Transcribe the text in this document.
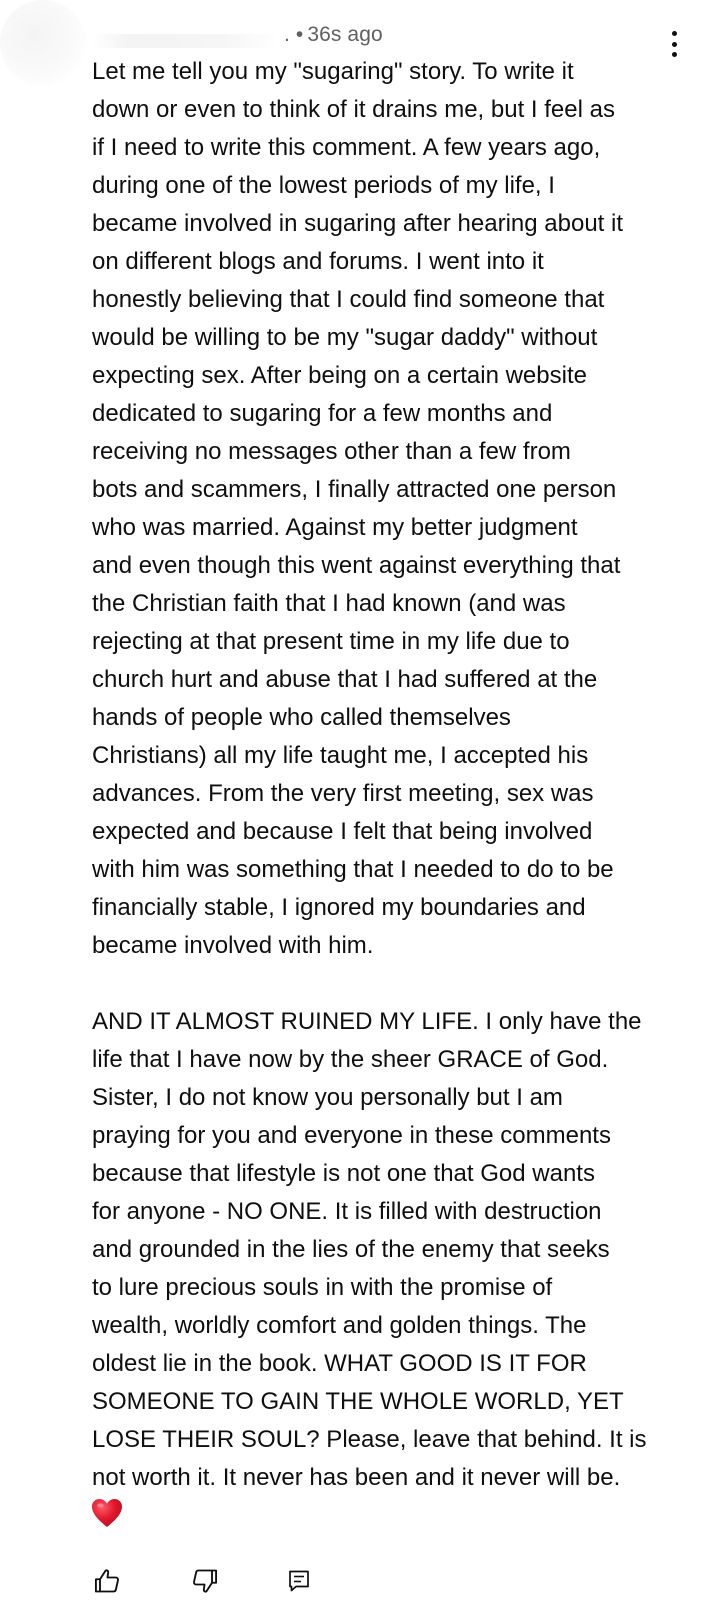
. • 36s ago

Let me tell you my "sugaring" story. To write it
down or even to think of it drains me, but I feel as
if I need to write this comment. A few years ago,
during one of the lowest periods of my life, I
became involved in sugaring after hearing about it
on different blogs and forums. I went into it
honestly believing that I could find someone that
would be willing to be my "sugar daddy" without
expecting sex. After being on a certain website
dedicated to sugaring for a few months and
receiving no messages other than a few from
bots and scammers, I finally attracted one person
who was married. Against my better judgment
and even though this went against everything that
the Christian faith that I had known (and was
rejecting at that present time in my life due to
church hurt and abuse that I had suffered at the
hands of people who called themselves
Christians) all my life taught me, I accepted his
advances. From the very first meeting, sex was
expected and because I felt that being involved
with him was something that I needed to do to be
financially stable, I ignored my boundaries and
became involved with him.

AND IT ALMOST RUINED MY LIFE. I only have the
life that I have now by the sheer GRACE of God.
Sister, I do not know you personally but I am
praying for you and everyone in these comments
because that lifestyle is not one that God wants
for anyone - NO ONE. It is filled with destruction
and grounded in the lies of the enemy that seeks
to lure precious souls in with the promise of
wealth, worldly comfort and golden things. The
oldest lie in the book. WHAT GOOD IS IT FOR
SOMEONE TO GAIN THE WHOLE WORLD, YET
LOSE THEIR SOUL? Please, leave that behind. It is
not worth it. It never has been and it never will be.
